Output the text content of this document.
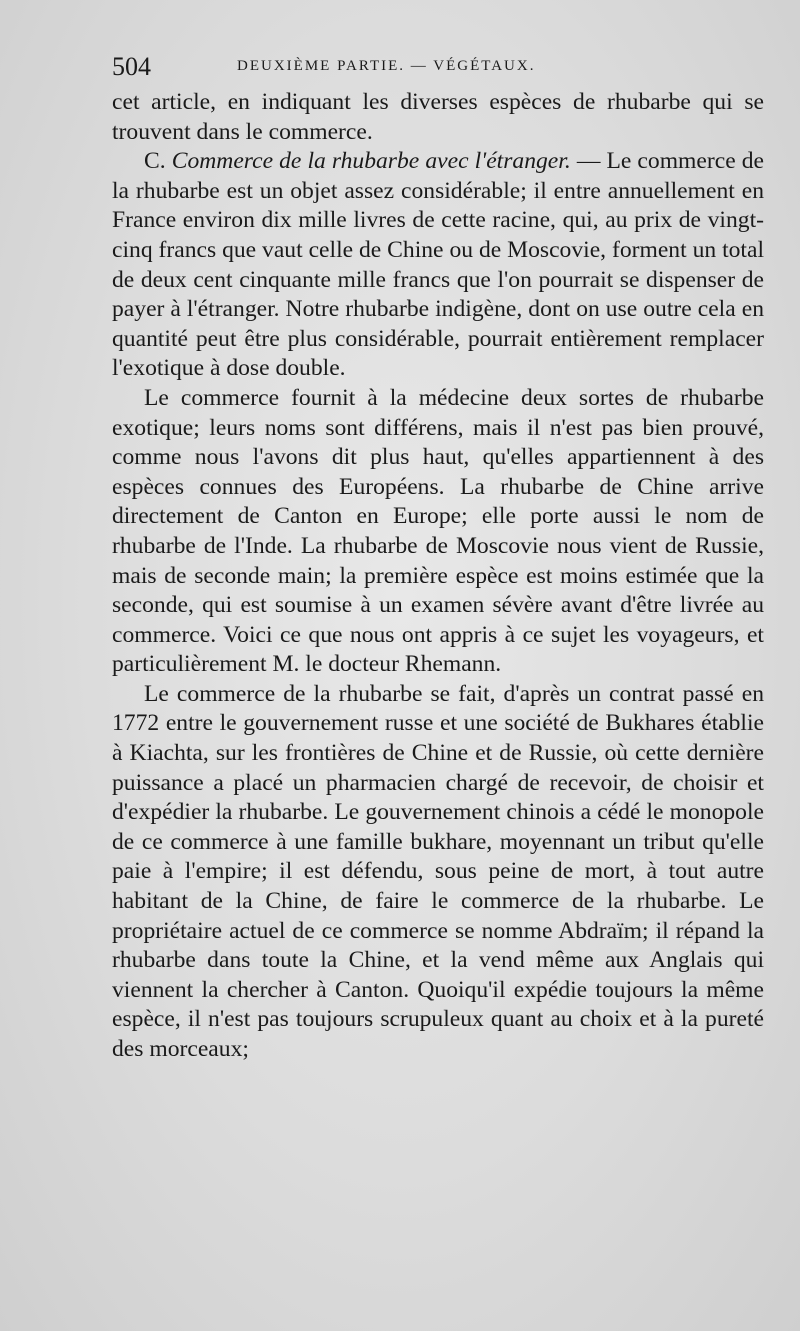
504	DEUXIÈME PARTIE. — VÉGÉTAUX.

cet article, en indiquant les diverses espèces de rhubarbe qui se trouvent dans le commerce.

C. Commerce de la rhubarbe avec l'étranger. — Le commerce de la rhubarbe est un objet assez considérable; il entre annuellement en France environ dix mille livres de cette racine, qui, au prix de vingt-cinq francs que vaut celle de Chine ou de Moscovie, forment un total de deux cent cinquante mille francs que l'on pourrait se dispenser de payer à l'étranger. Notre rhubarbe indigène, dont on use outre cela en quantité peut être plus considérable, pourrait entièrement remplacer l'exotique à dose double.

Le commerce fournit à la médecine deux sortes de rhubarbe exotique; leurs noms sont différens, mais il n'est pas bien prouvé, comme nous l'avons dit plus haut, qu'elles appartiennent à des espèces connues des Européens. La rhubarbe de Chine arrive directement de Canton en Europe; elle porte aussi le nom de rhubarbe de l'Inde. La rhubarbe de Moscovie nous vient de Russie, mais de seconde main; la première espèce est moins estimée que la seconde, qui est soumise à un examen sévère avant d'être livrée au commerce. Voici ce que nous ont appris à ce sujet les voyageurs, et particulièrement M. le docteur Rhemann.

Le commerce de la rhubarbe se fait, d'après un contrat passé en 1772 entre le gouvernement russe et une société de Bukhares établie à Kiachta, sur les frontières de Chine et de Russie, où cette dernière puissance a placé un pharmacien chargé de recevoir, de choisir et d'expédier la rhubarbe. Le gouvernement chinois a cédé le monopole de ce commerce à une famille bukhare, moyennant un tribut qu'elle paie à l'empire; il est défendu, sous peine de mort, à tout autre habitant de la Chine, de faire le commerce de la rhubarbe. Le propriétaire actuel de ce commerce se nomme Abdraïm; il répand la rhubarbe dans toute la Chine, et la vend même aux Anglais qui viennent la chercher à Canton. Quoiqu'il expédie toujours la même espèce, il n'est pas toujours scrupuleux quant au choix et à la pureté des morceaux;
